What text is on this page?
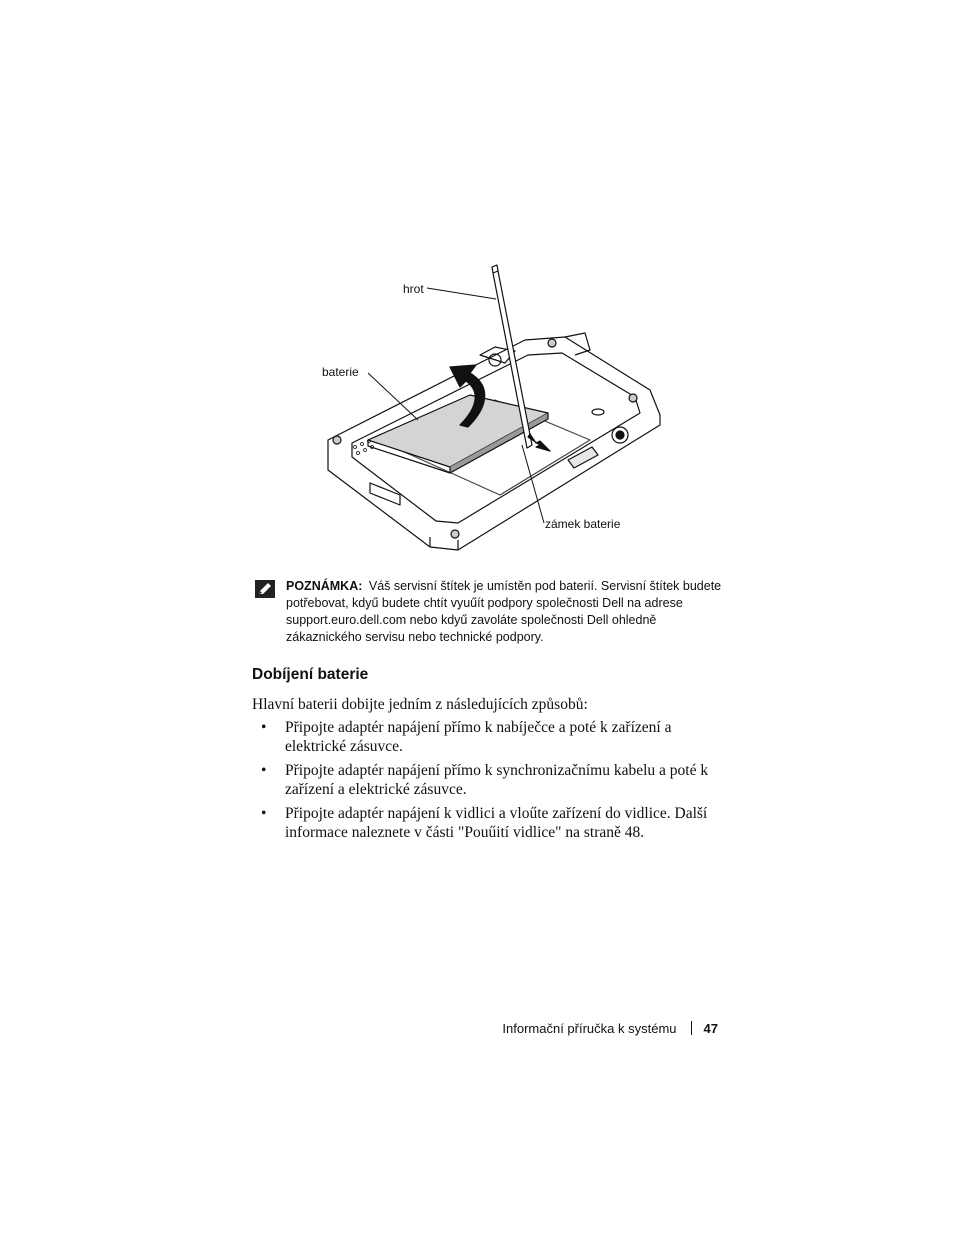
hrot
baterie
zámek baterie
POZNÁMKA: Váš servisní štítek je umístěn pod baterií. Servisní štítek budete potřebovat, kdyű budete chtít vyuűít podpory společnosti Dell na adrese support.euro.dell.com nebo kdyű zavoláte společnosti Dell ohledně zákaznického servisu nebo technické podpory.
Dobíjení baterie
Hlavní baterii dobijte jedním z následujících způsobů:
• Připojte adaptér napájení přímo k nabíječce a poté k zařízení a elektrické zásuvce.
• Připojte adaptér napájení přímo k synchronizačnímu kabelu a poté k zařízení a elektrické zásuvce.
• Připojte adaptér napájení k vidlici a vloűte zařízení do vidlice. Další informace naleznete v části "Pouűití vidlice" na straně 48.
Informační příručka k systému 47
